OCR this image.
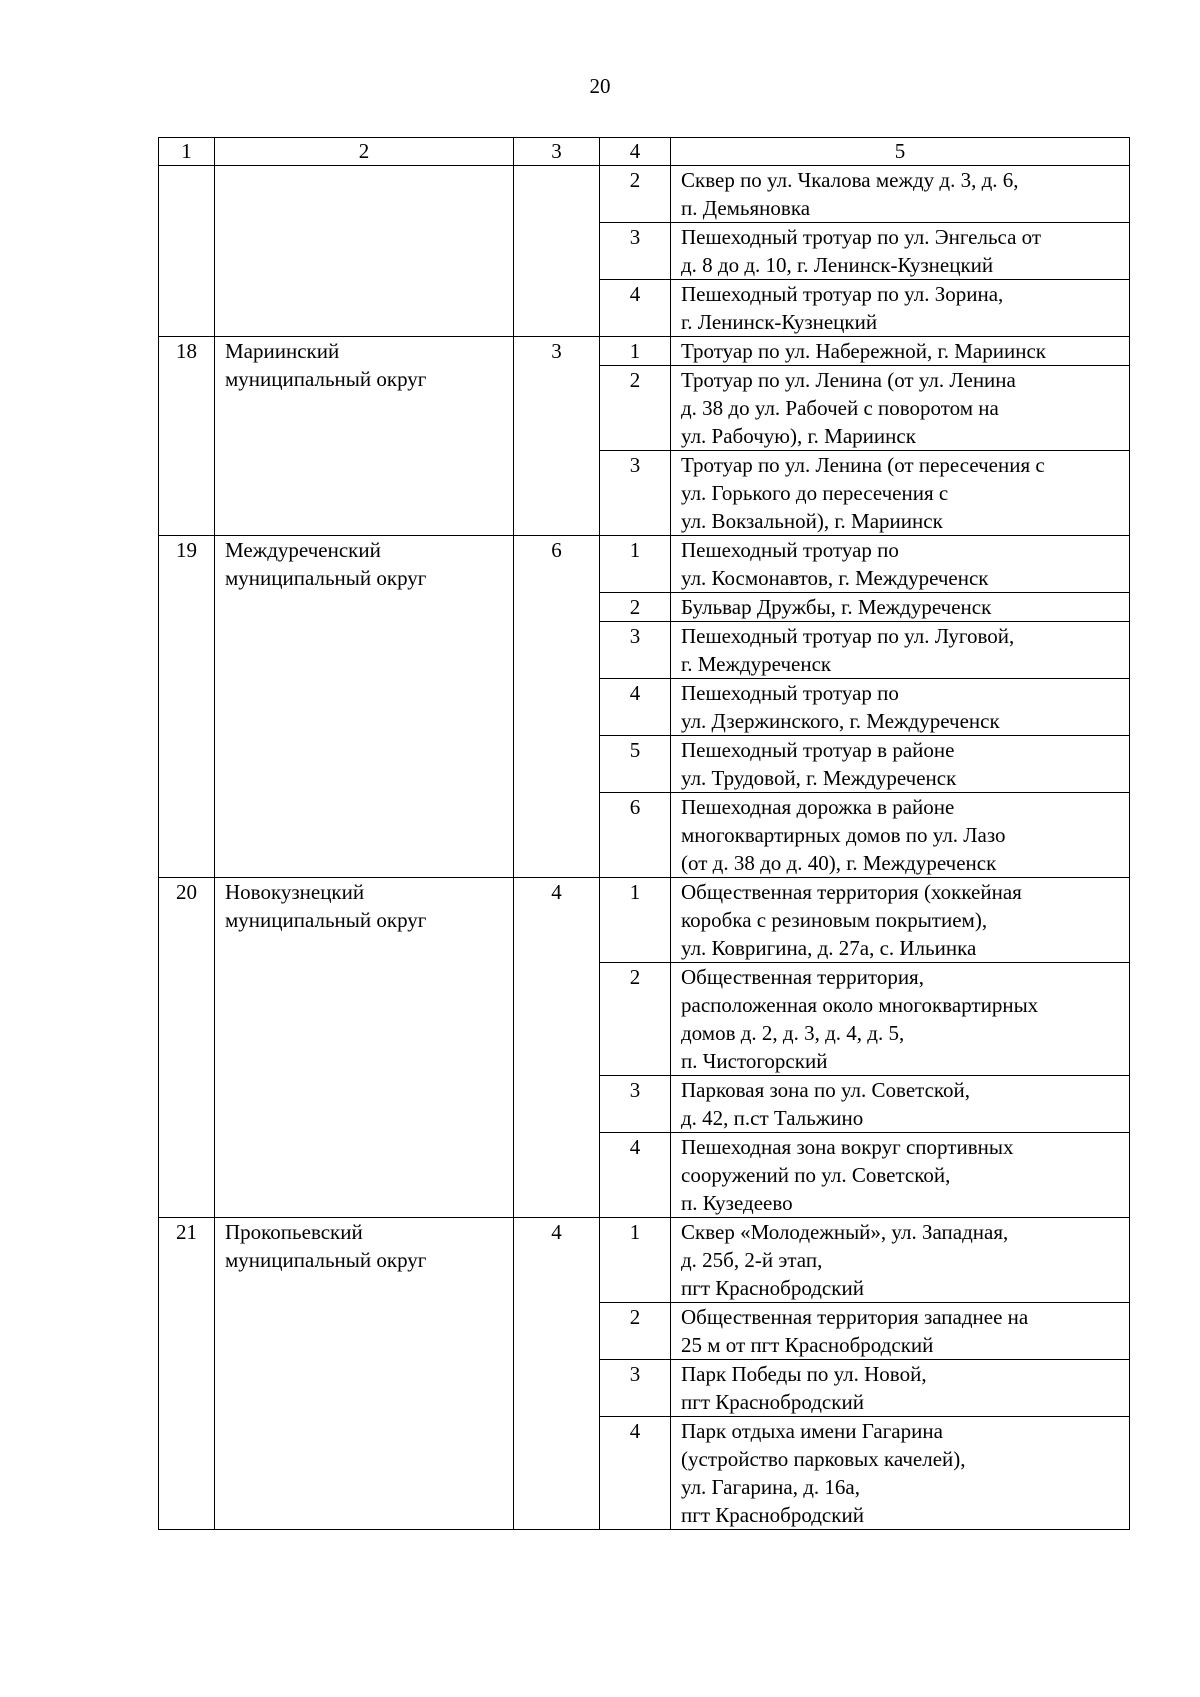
20
1	2	3	4	5
			2	Сквер по ул. Чкалова между д. 3, д. 6,
п. Демьяновка
			3	Пешеходный тротуар по ул. Энгельса от
д. 8 до д. 10, г. Ленинск-Кузнецкий
			4	Пешеходный тротуар по ул. Зорина,
г. Ленинск-Кузнецкий
18	Мариинский
муниципальный округ	3	1	Тротуар по ул. Набережной, г. Мариинск
			2	Тротуар по ул. Ленина (от ул. Ленина
д. 38 до ул. Рабочей с поворотом на
ул. Рабочую), г. Мариинск
			3	Тротуар по ул. Ленина (от пересечения с
ул. Горького до пересечения с
ул. Вокзальной), г. Мариинск
19	Междуреченский
муниципальный округ	6	1	Пешеходный тротуар по
ул. Космонавтов, г. Междуреченск
			2	Бульвар Дружбы, г. Междуреченск
			3	Пешеходный тротуар по ул. Луговой,
г. Междуреченск
			4	Пешеходный тротуар по
ул. Дзержинского, г. Междуреченск
			5	Пешеходный тротуар в районе
ул. Трудовой, г. Междуреченск
			6	Пешеходная дорожка в районе
многоквартирных домов по ул. Лазо
(от д. 38 до д. 40), г. Междуреченск
20	Новокузнецкий
муниципальный округ	4	1	Общественная территория (хоккейная
коробка с резиновым покрытием),
ул. Ковригина, д. 27а, с. Ильинка
			2	Общественная территория,
расположенная около многоквартирных
домов д. 2, д. 3, д. 4, д. 5,
п. Чистогорский
			3	Парковая зона по ул. Советской,
д. 42, п.ст Тальжино
			4	Пешеходная зона вокруг спортивных
сооружений по ул. Советской,
п. Кузедеево

21	Прокопьевский
муниципальный округ	4	1	Сквер «Молодежный», ул. Западная,
д. 25б, 2-й этап,
пгт Краснобродский
			2	Общественная территория западнее на
25 м от пгт Краснобродский
			3	Парк Победы по ул. Новой,
пгт Краснобродский
			4	Парк отдыха имени Гагарина
(устройство парковых качелей),
ул. Гагарина, д. 16а,
пгт Краснобродский
